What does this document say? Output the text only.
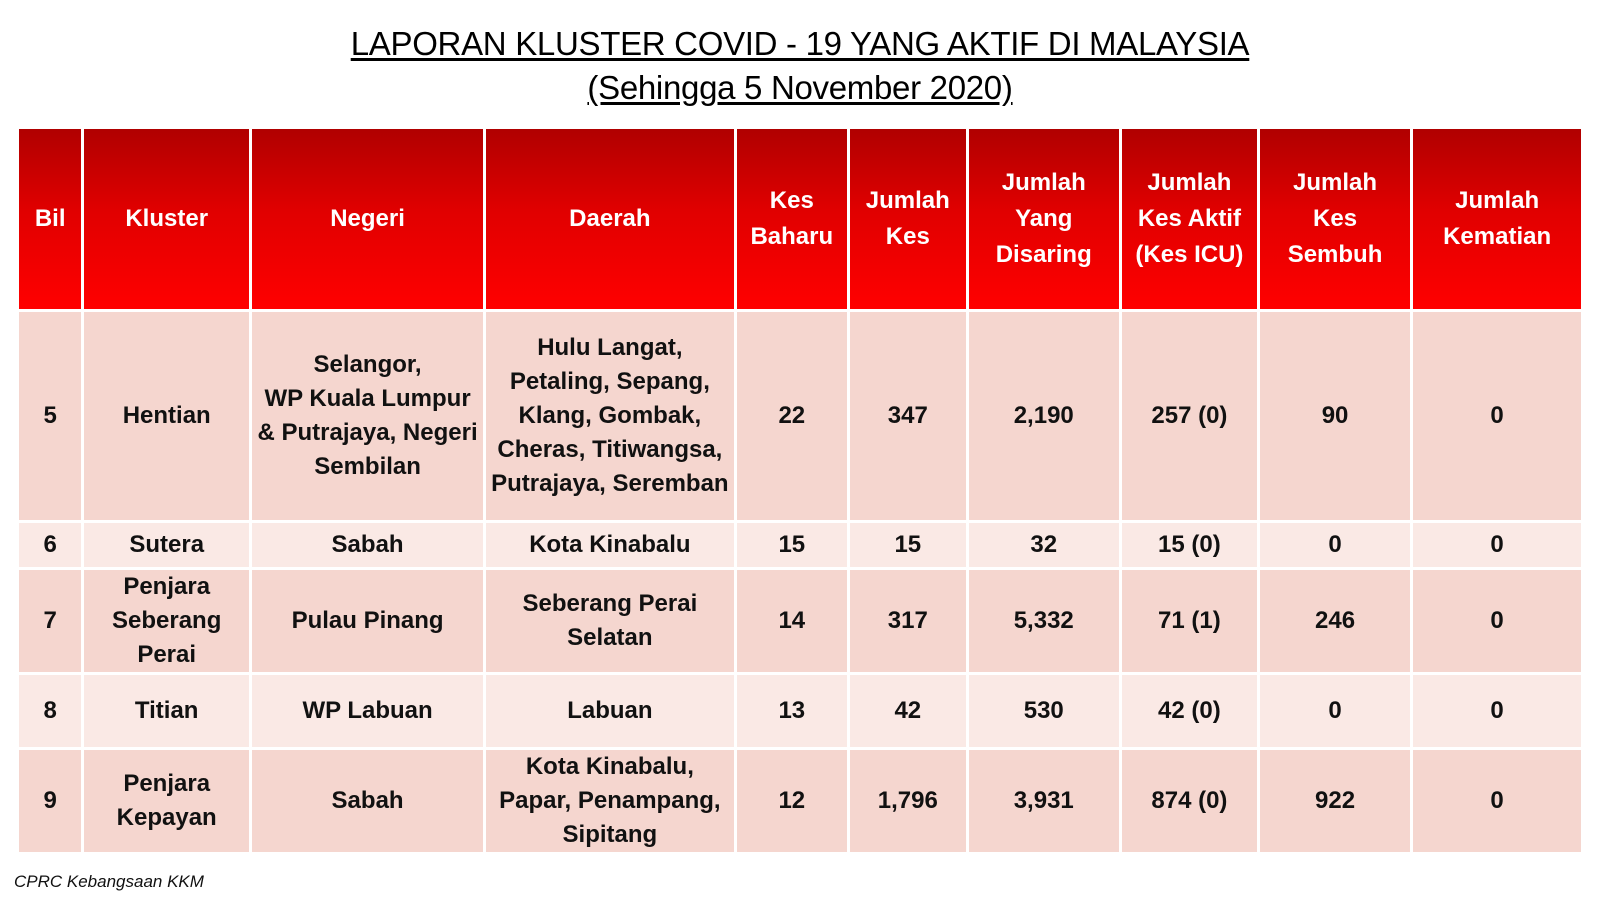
LAPORAN KLUSTER COVID - 19 YANG AKTIF DI MALAYSIA
(Sehingga 5 November 2020)
Bil	Kluster	Negeri	Daerah	Kes
Baharu	Jumlah
Kes	Jumlah
Yang
Disaring	Jumlah
Kes Aktif
(Kes ICU)	Jumlah
Kes
Sembuh	Jumlah
Kematian
5	Hentian	Selangor,
WP Kuala Lumpur
& Putrajaya, Negeri
Sembilan	Hulu Langat,
Petaling, Sepang,
Klang, Gombak,
Cheras, Titiwangsa,
Putrajaya, Seremban	22	347	2,190	257 (0)	90	0
6	Sutera	Sabah	Kota Kinabalu	15	15	32	15 (0)	0	0
7	Penjara
Seberang
Perai	Pulau Pinang	Seberang Perai
Selatan	14	317	5,332	71 (1)	246	0
8	Titian	WP Labuan	Labuan	13	42	530	42 (0)	0	0
9	Penjara
Kepayan	Sabah	Kota Kinabalu,
Papar, Penampang,
Sipitang	12	1,796	3,931	874 (0)	922	0
CPRC Kebangsaan KKM
